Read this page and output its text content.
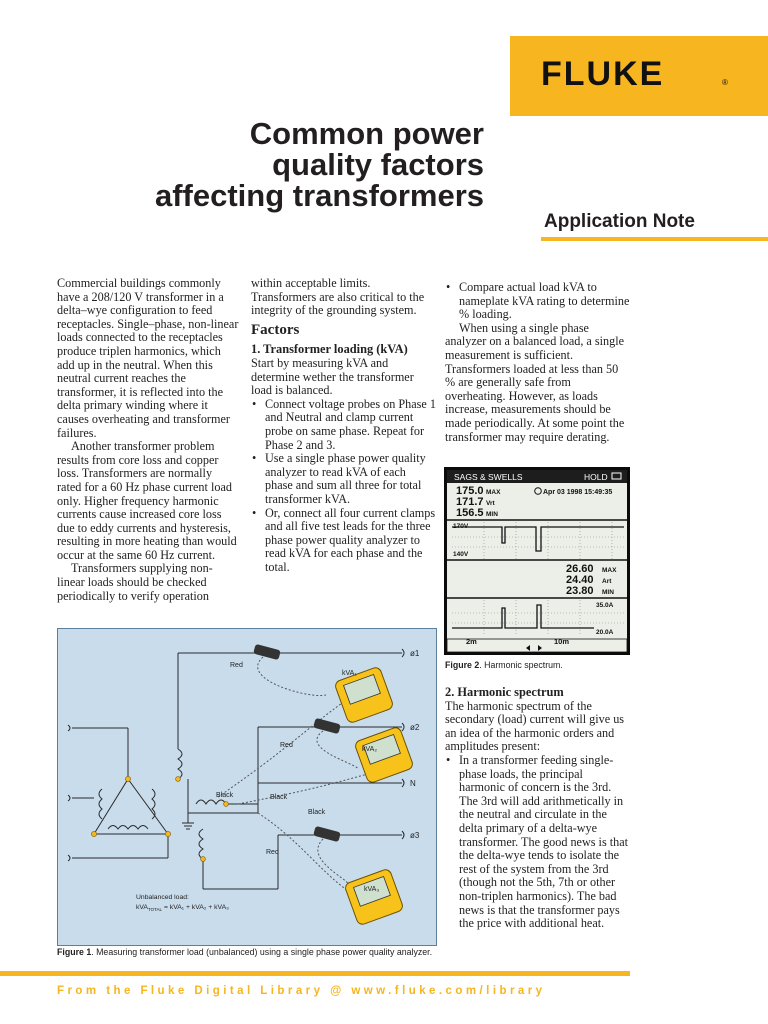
FLUKE	®
Common power
quality factors
affecting transformers
Application Note

Commercial buildings commonly have a 208/120 V transformer in a delta–wye configuration to feed receptacles. Single–phase, non-linear loads connected to the receptacles produce triplen harmonics, which add up in the neutral. When this neutral current reaches the transformer, it is reflected into the delta primary winding where it causes overheating and transformer failures.

Another transformer problem results from core loss and copper loss. Transformers are normally rated for a 60 Hz phase current load only. Higher frequency harmonic currents cause increased core loss due to eddy currents and hysteresis, resulting in more heating than would occur at the same 60 Hz current.

Transformers supplying non-linear loads should be checked periodically to verify operation

within acceptable limits. Transformers are also critical to the integrity of the grounding system.

Factors
1. Transformer loading (kVA)

Start by measuring kVA and determine wether the transformer load is balanced.

• Connect voltage probes on Phase 1 and Neutral and clamp current probe on same phase. Repeat for Phase 2 and 3.
• Use a single phase power quality analyzer to read kVA of each phase and sum all three for total transformer kVA.
• Or, connect all four current clamps and all five test leads for the three phase power quality analyzer to read kVA for each phase and the total.
• Compare actual load kVA to nameplate kVA rating to determine % loading.

When using a single phase analyzer on a balanced load, a single measurement is sufficient. Transformers loaded at less than 50 % are generally safe from overheating. However, as loads increase, measurements should be made periodically. At some point the transformer may require derating.

SAGS & SWELLS	HOLD
175.0 MAX	Apr 03 1998 15:49:35
171.7 Vrt
156.5 MIN
170V
140V
26.60 MAX
24.40 Art
23.80 MIN
35.0A
20.0A
2m	10m
Figure 2. Harmonic spectrum.
2. Harmonic spectrum

The harmonic spectrum of the secondary (load) current will give us an idea of the harmonic orders and amplitudes present:

• In a transformer feeding single-phase loads, the principal harmonic of concern is the 3rd. The 3rd will add arithmetically in the neutral and circulate in the delta primary of a delta-wye transformer. The good news is that the delta-wye tends to isolate the rest of the system from the 3rd (though not the 5th, 7th or other non-triplen harmonics). The bad news is that the transformer pays the price with additional heat.
ø1
ø2
N
ø3
Red
Red
Red
Black	Black
Black
kVA₁
kVA₂
kVA₃
Unbalanced load:
kVA$_{TOTAL}$ = kVA₁ + kVA₂ + kVA₃
Figure 1. Measuring transformer load (unbalanced) using a single phase power quality analyzer.
From the Fluke Digital Library @ www.fluke.com/library
